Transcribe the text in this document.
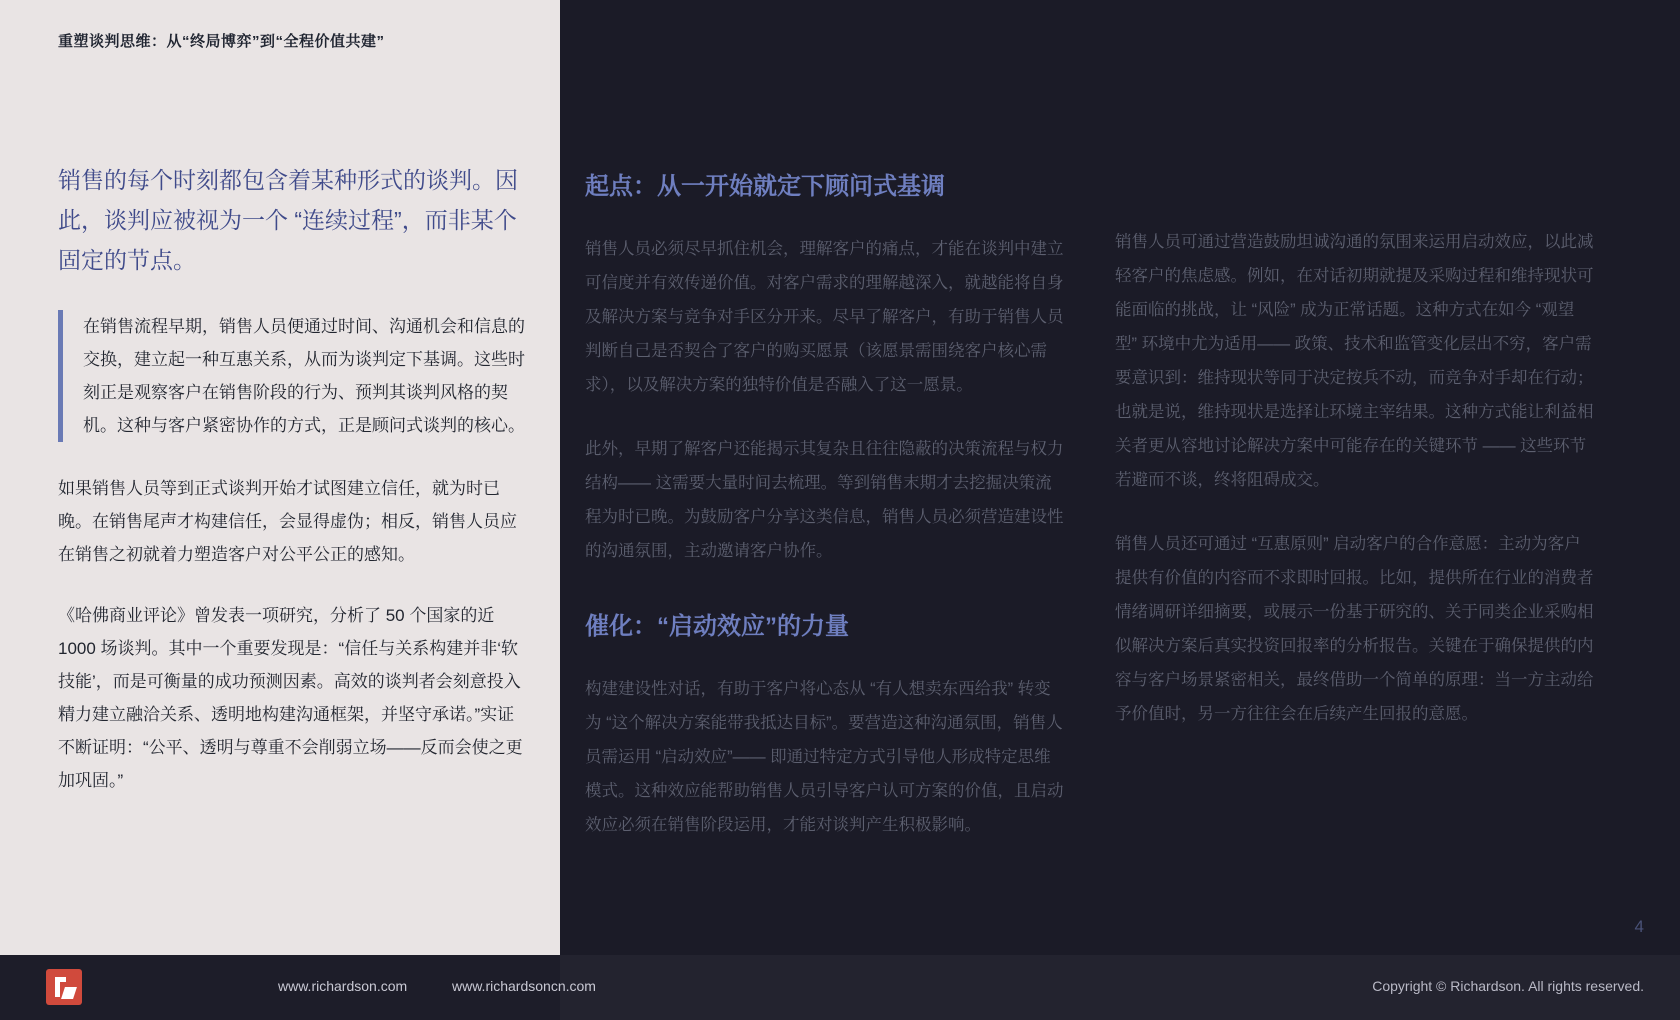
重塑谈判思维：从“终局博弈”到“全程价值共建”

销售的每个时刻都包含着某种形式的谈判。因此，谈判应被视为一个 “连续过程”，而非某个固定的节点。

在销售流程早期，销售人员便通过时间、沟通机会和信息的交换，建立起一种互惠关系，从而为谈判定下基调。这些时刻正是观察客户在销售阶段的行为、预判其谈判风格的契机。这种与客户紧密协作的方式，正是顾问式谈判的核心。

如果销售人员等到正式谈判开始才试图建立信任，就为时已晚。在销售尾声才构建信任，会显得虚伪；相反，销售人员应在销售之初就着力塑造客户对公平公正的感知。

《哈佛商业评论》曾发表一项研究，分析了 50 个国家的近 1000 场谈判。其中一个重要发现是：“信任与关系构建并非‘软技能’，而是可衡量的成功预测因素。高效的谈判者会刻意投入精力建立融洽关系、透明地构建沟通框架，并坚守承诺。”实证不断证明：“公平、透明与尊重不会削弱立场——反而会使之更加巩固。”

起点：从一开始就定下顾问式基调

销售人员必须尽早抓住机会，理解客户的痛点，才能在谈判中建立可信度并有效传递价值。对客户需求的理解越深入，就越能将自身及解决方案与竞争对手区分开来。尽早了解客户，有助于销售人员判断自己是否契合了客户的购买愿景（该愿景需围绕客户核心需求），以及解决方案的独特价值是否融入了这一愿景。

此外，早期了解客户还能揭示其复杂且往往隐蔽的决策流程与权力结构—— 这需要大量时间去梳理。等到销售末期才去挖掘决策流程为时已晚。为鼓励客户分享这类信息，销售人员必须营造建设性的沟通氛围，主动邀请客户协作。

催化：“启动效应”的力量

构建建设性对话，有助于客户将心态从 “有人想卖东西给我” 转变为 “这个解决方案能带我抵达目标”。要营造这种沟通氛围，销售人员需运用 “启动效应”—— 即通过特定方式引导他人形成特定思维模式。这种效应能帮助销售人员引导客户认可方案的价值，且启动效应必须在销售阶段运用，才能对谈判产生积极影响。

销售人员可通过营造鼓励坦诚沟通的氛围来运用启动效应，以此减轻客户的焦虑感。例如，在对话初期就提及采购过程和维持现状可能面临的挑战，让 “风险” 成为正常话题。这种方式在如今 “观望型” 环境中尤为适用—— 政策、技术和监管变化层出不穷，客户需要意识到：维持现状等同于决定按兵不动，而竞争对手却在行动；也就是说，维持现状是选择让环境主宰结果。这种方式能让利益相关者更从容地讨论解决方案中可能存在的关键环节 —— 这些环节若避而不谈，终将阻碍成交。

销售人员还可通过 “互惠原则” 启动客户的合作意愿：主动为客户提供有价值的内容而不求即时回报。比如，提供所在行业的消费者情绪调研详细摘要，或展示一份基于研究的、关于同类企业采购相似解决方案后真实投资回报率的分析报告。关键在于确保提供的内容与客户场景紧密相关，最终借助一个简单的原理：当一方主动给予价值时，另一方往往会在后续产生回报的意愿。

4
www.richardson.com	www.richardsoncn.com	Copyright © Richardson. All rights reserved.
